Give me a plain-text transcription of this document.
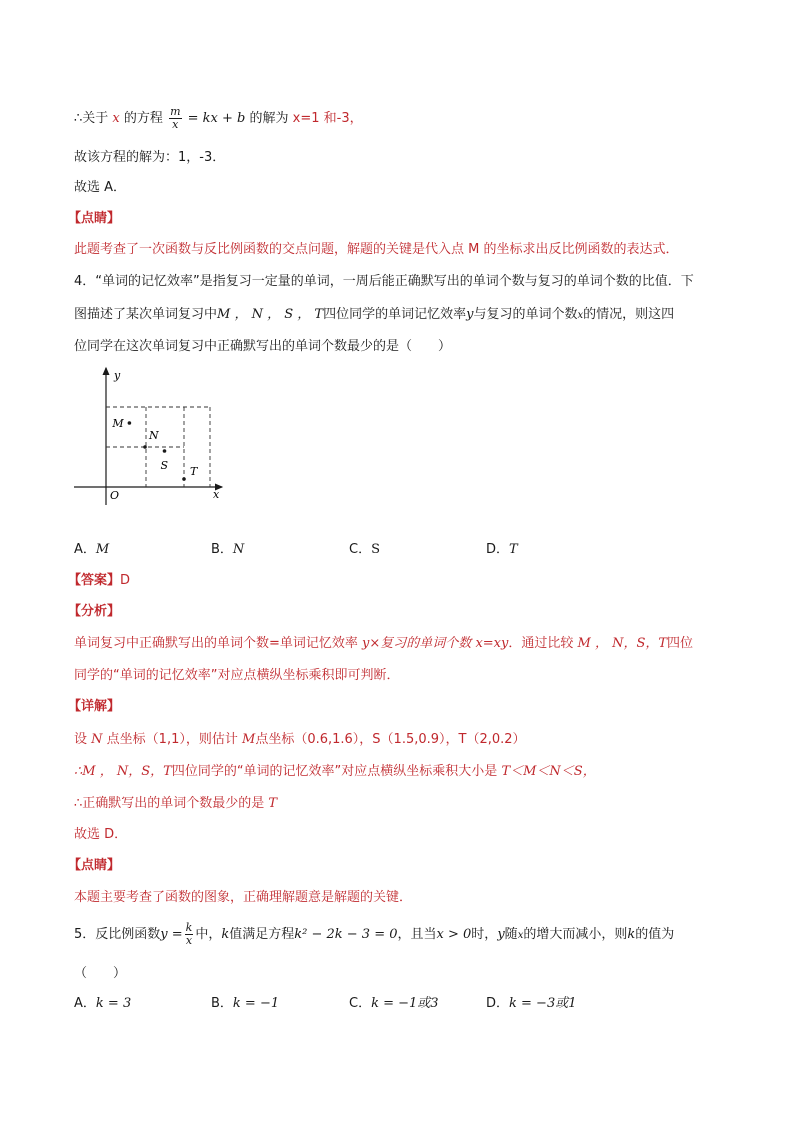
∴关于 x 的方程 $\frac{m}{x}$ = kx + b 的解为 x=1 和-3，
故该方程的解为：1，-3．
故选 A．
【点睛】
此题考查了一次函数与反比例函数的交点问题，解题的关键是代入点 M 的坐标求出反比例函数的表达式．
4．“单词的记忆效率”是指复习一定量的单词，一周后能正确默写出的单词个数与复习的单词个数的比值．下
图描述了某次单词复习中M ， N ， S ， T四位同学的单词记忆效率y与复习的单词个数x的情况，则这四
位同学在这次单词复习中正确默写出的单词个数最少的是（　　）
M
N
S T
y
x
O
A．M	B．N	C．S	D．T
【答案】D
【分析】
单词复习中正确默写出的单词个数=单词记忆效率 y×复习的单词个数 x=xy．通过比较 M ， N，S，T四位
同学的“单词的记忆效率”对应点横纵坐标乘积即可判断．
【详解】
设 N 点坐标（1,1），则估计 M点坐标（0.6,1.6），S（1.5,0.9），T（2,0.2）
∴M ， N，S，T四位同学的“单词的记忆效率”对应点横纵坐标乘积大小是 T＜M＜N＜S，
∴正确默写出的单词个数最少的是 T
故选 D．
【点睛】
本题主要考查了函数的图象，正确理解题意是解题的关键．
5．反比例函数$y = \frac{k}{x}$ 中，k值满足方程k² − 2k − 3 = 0，且当x > 0时，y随x的增大而减小，则k的值为
（　　）
A．k = 3	B．k = −1	C．k = −1或3	D．k = −3或1
